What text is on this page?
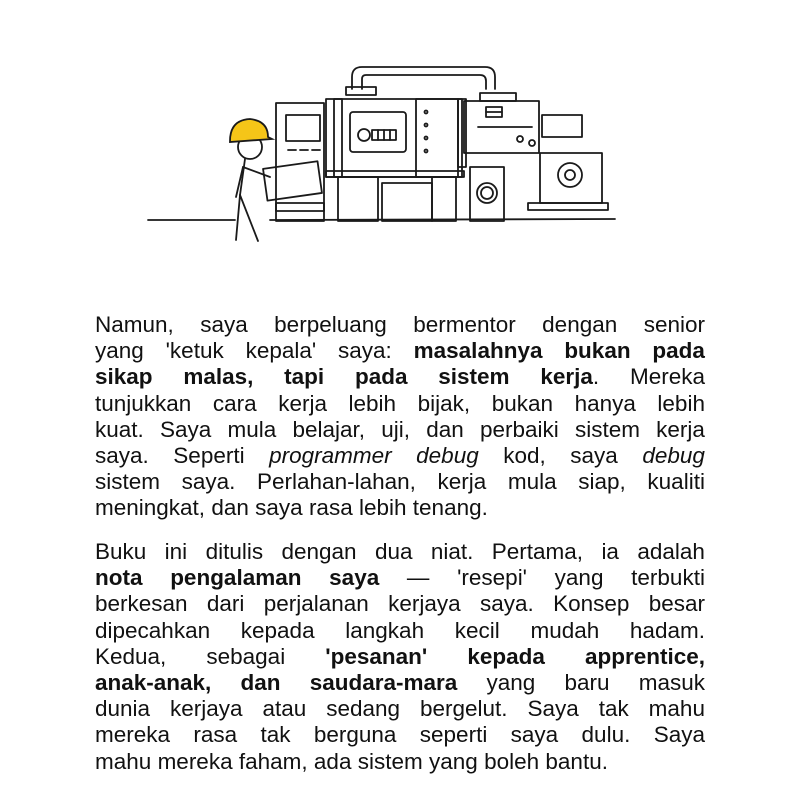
Namun, saya berpeluang bermentor dengan senior
yang 'ketuk kepala' saya: masalahnya bukan pada
sikap malas, tapi pada sistem kerja. Mereka
tunjukkan cara kerja lebih bijak, bukan hanya lebih
kuat. Saya mula belajar, uji, dan perbaiki sistem kerja
saya. Seperti programmer debug kod, saya debug
sistem saya. Perlahan-lahan, kerja mula siap, kualiti
meningkat, dan saya rasa lebih tenang.
Buku ini ditulis dengan dua niat. Pertama, ia adalah
nota pengalaman saya — 'resepi' yang terbukti
berkesan dari perjalanan kerjaya saya. Konsep besar
dipecahkan kepada langkah kecil mudah hadam.
Kedua, sebagai 'pesanan' kepada apprentice,
anak-anak, dan saudara-mara yang baru masuk
dunia kerjaya atau sedang bergelut. Saya tak mahu
mereka rasa tak berguna seperti saya dulu. Saya
mahu mereka faham, ada sistem yang boleh bantu.
